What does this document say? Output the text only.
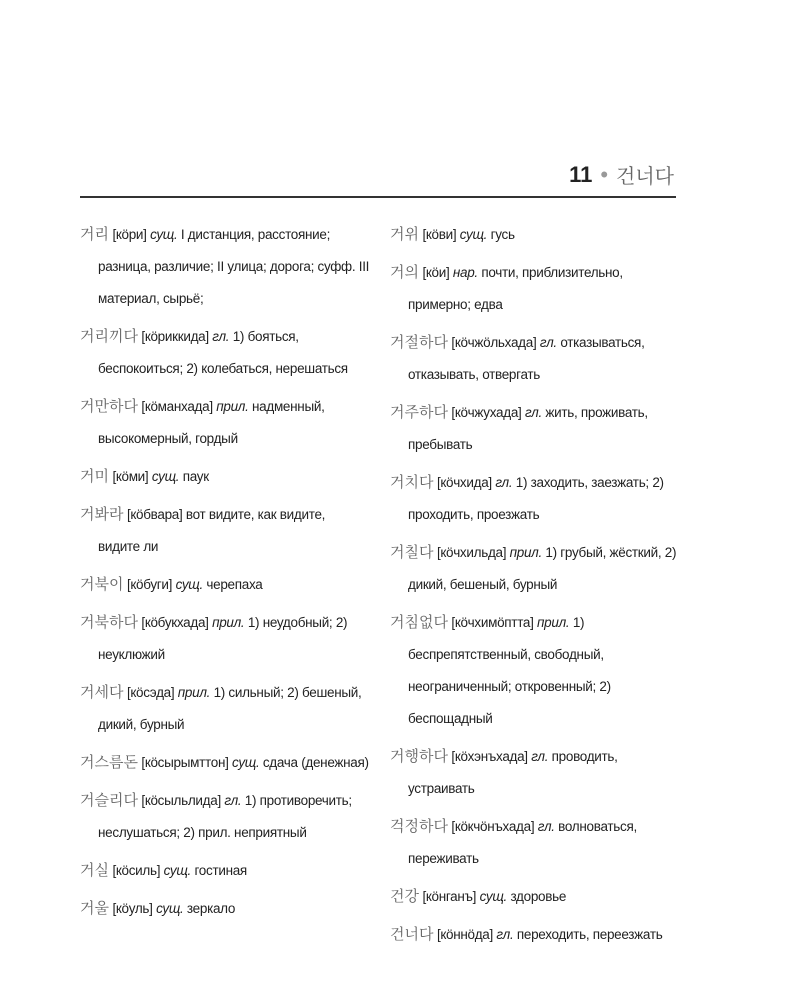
11 • 건너다

거리 [кöри] сущ. I дистанция, расстояние; разница, различие; II улица; дорога; суфф. III материал, сырьё;

거리끼다 [кöриккида] гл. 1) бояться, беспокоиться; 2) колебаться, нерешаться

거만하다 [кöманхада] прил. надменный, высокомерный, гордый

거미 [кöми] сущ. паук

거봐라 [кöбвара] вот видите, как видите, видите ли

거북이 [кöбуги] сущ. черепаха

거북하다 [кöбукхада] прил. 1) неудобный; 2) неуклюжий

거세다 [кöсэда] прил. 1) сильный; 2) бешеный, дикий, бурный

거스름돈 [кöсырымттон] сущ. сдача (денежная)

거슬리다 [кöсыльлида] гл. 1) противоречить; неслушаться; 2) прил. неприятный

거실 [кöсиль] сущ. гостиная

거울 [кöуль] сущ. зеркало

거위 [кöви] сущ. гусь

거의 [кöи] нар. почти, приблизительно, примерно; едва

거절하다 [кöчжöльхада] гл. отказываться, отказывать, отвергать

거주하다 [кöчжухада] гл. жить, проживать, пребывать

거치다 [кöчхида] гл. 1) заходить, заезжать; 2) проходить, проезжать

거칠다 [кöчхильда] прил. 1) грубый, жёсткий, 2) дикий, бешеный, бурный

거침없다 [кöчхимöптта] прил. 1) беспрепятственный, свободный, неограниченный; откровенный; 2) беспощадный

거행하다 [кöхэнъхада] гл. проводить, устраивать

걱정하다 [кöкчöнъхада] гл. волноваться, переживать

건강 [кöнганъ] сущ. здоровье

건너다 [кöннöда] гл. переходить, переезжать
